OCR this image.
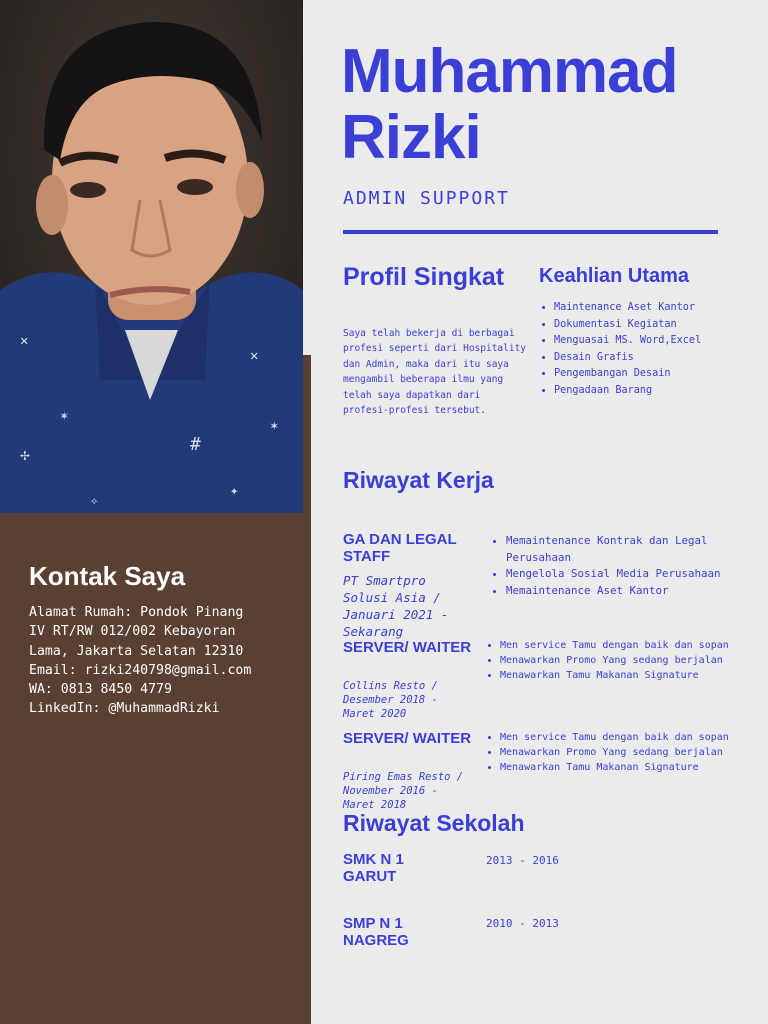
✕
✶
✢	#
✕
✶
✦
✧
Kontak Saya
Alamat Rumah: Pondok Pinang
IV RT/RW 012/002 Kebayoran
Lama, Jakarta Selatan 12310
Email: rizki240798@gmail.com
WA: 0813 8450 4779
LinkedIn: @MuhammadRizki
Muhammad
Rizki
ADMIN SUPPORT
Profil Singkat
Saya telah bekerja di berbagai profesi seperti dari Hospitality dan Admin, maka dari itu saya mengambil beberapa ilmu yang telah saya dapatkan dari profesi-profesi tersebut.
Keahlian Utama
• Maintenance Aset Kantor
• Dokumentasi Kegiatan
• Menguasai MS. Word,Excel
• Desain Grafis
• Pengembangan Desain
• Pengadaan Barang
Riwayat Kerja
GA DAN LEGAL STAFF
PT Smartpro Solusi Asia / Januari 2021 - Sekarang
• Memaintenance Kontrak dan Legal Perusahaan
• Mengelola Sosial Media Perusahaan
• Memaintenance Aset Kantor
SERVER/ WAITER
Collins Resto / Desember 2018 - Maret 2020
• Men service Tamu dengan baik dan sopan
• Menawarkan Promo Yang sedang berjalan
• Menawarkan Tamu Makanan Signature
SERVER/ WAITER
Piring Emas Resto / November 2016 - Maret 2018
• Men service Tamu dengan baik dan sopan
• Menawarkan Promo Yang sedang berjalan
• Menawarkan Tamu Makanan Signature
Riwayat Sekolah
SMK N 1 GARUT
2013 - 2016
SMP N 1 NAGREG
2010 - 2013
